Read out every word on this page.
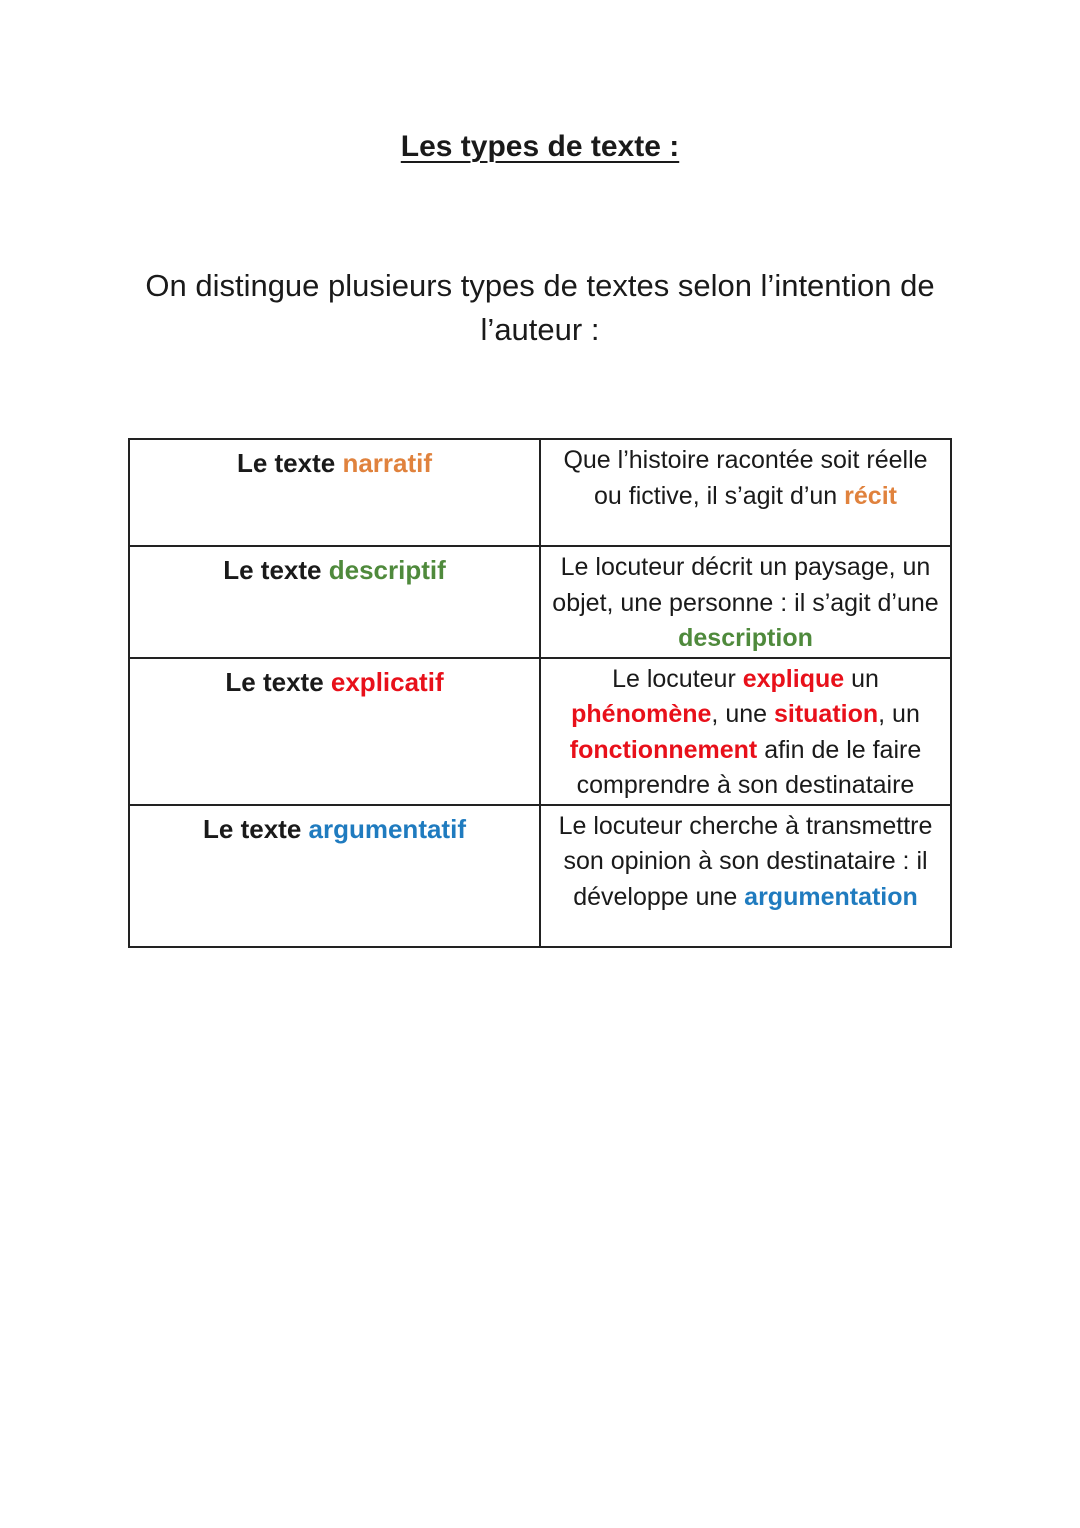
Les types de texte :

On distingue plusieurs types de textes selon l’intention de l’auteur :

Le texte narratif	Que l’histoire racontée soit réelle ou fictive, il s’agit d’un récit
Le texte descriptif	Le locuteur décrit un paysage, un objet, une personne : il s’agit d’une description
Le texte explicatif	Le locuteur explique un phénomène, une situation, un fonctionnement afin de le faire comprendre à son destinataire
Le texte argumentatif	Le locuteur cherche à transmettre son opinion à son destinataire : il développe une argumentation
